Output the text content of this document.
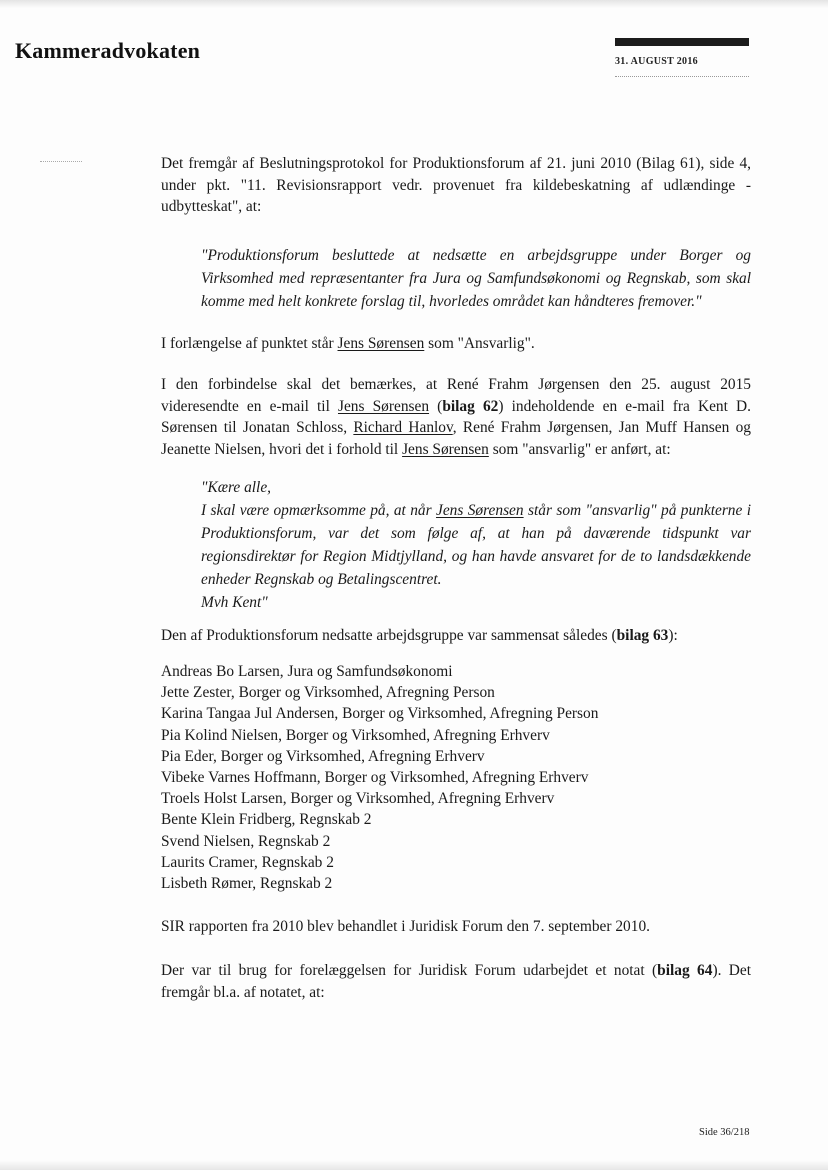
Kammeradvokaten	31. AUGUST 2016

Det fremgår af Beslutningsprotokol for Produktionsforum af 21. juni 2010 (Bilag 61), side 4, under pkt. "11. Revisionsrapport vedr. provenuet fra kildebeskatning af udlændinge - udbytteskat", at:

"Produktionsforum besluttede at nedsætte en arbejdsgruppe under Borger og Virksomhed med repræsentanter fra Jura og Samfundsøkonomi og Regnskab, som skal komme med helt konkrete forslag til, hvorledes området kan håndteres fremover."

I forlængelse af punktet står Jens Sørensen som "Ansvarlig".

I den forbindelse skal det bemærkes, at René Frahm Jørgensen den 25. august 2015 videresendte en e-mail til Jens Sørensen (bilag 62) indeholdende en e-mail fra Kent D. Sørensen til Jonatan Schloss, Richard Hanlov, René Frahm Jørgensen, Jan Muff Hansen og Jeanette Nielsen, hvori det i forhold til Jens Sørensen som "ansvarlig" er anført, at:

"Kære alle,
I skal være opmærksomme på, at når Jens Sørensen står som "ansvarlig" på punkterne i Produktionsforum, var det som følge af, at han på daværende tidspunkt var regionsdirektør for Region Midtjylland, og han havde ansvaret for de to landsdækkende enheder Regnskab og Betalingscentret.
Mvh Kent"

Den af Produktionsforum nedsatte arbejdsgruppe var sammensat således (bilag 63):

Andreas Bo Larsen, Jura og Samfundsøkonomi
Jette Zester, Borger og Virksomhed, Afregning Person
Karina Tangaa Jul Andersen, Borger og Virksomhed, Afregning Person
Pia Kolind Nielsen, Borger og Virksomhed, Afregning Erhverv
Pia Eder, Borger og Virksomhed, Afregning Erhverv
Vibeke Varnes Hoffmann, Borger og Virksomhed, Afregning Erhverv
Troels Holst Larsen, Borger og Virksomhed, Afregning Erhverv
Bente Klein Fridberg, Regnskab 2
Svend Nielsen, Regnskab 2
Laurits Cramer, Regnskab 2
Lisbeth Rømer, Regnskab 2

SIR rapporten fra 2010 blev behandlet i Juridisk Forum den 7. september 2010.

Der var til brug for forelæggelsen for Juridisk Forum udarbejdet et notat (bilag 64). Det fremgår bl.a. af notatet, at:

Side 36/218
